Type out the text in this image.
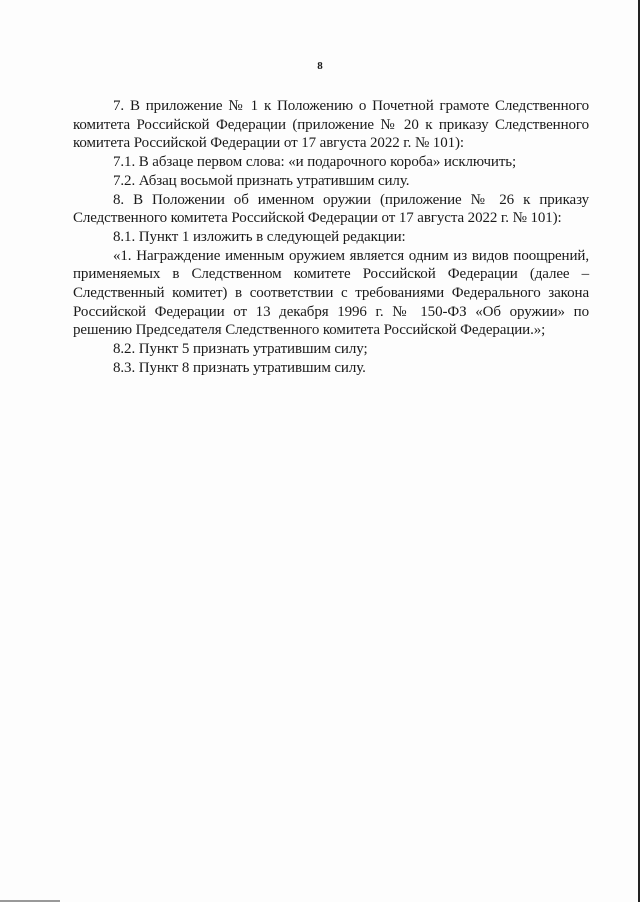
8

7. В приложение № 1 к Положению о Почетной грамоте Следственного комитета Российской Федерации (приложение № 20 к приказу Следственного комитета Российской Федерации от 17 августа 2022 г. № 101):

7.1. В абзаце первом слова: «и подарочного короба» исключить;

7.2. Абзац восьмой признать утратившим силу.

8. В Положении об именном оружии (приложение № 26 к приказу Следственного комитета Российской Федерации от 17 августа 2022 г. № 101):

8.1. Пункт 1 изложить в следующей редакции:

«1. Награждение именным оружием является одним из видов поощрений, применяемых в Следственном комитете Российской Федерации (далее – Следственный комитет) в соответствии с требованиями Федерального закона Российской Федерации от 13 декабря 1996 г. № 150-ФЗ «Об оружии» по решению Председателя Следственного комитета Российской Федерации.»;

8.2. Пункт 5 признать утратившим силу;

8.3. Пункт 8 признать утратившим силу.
